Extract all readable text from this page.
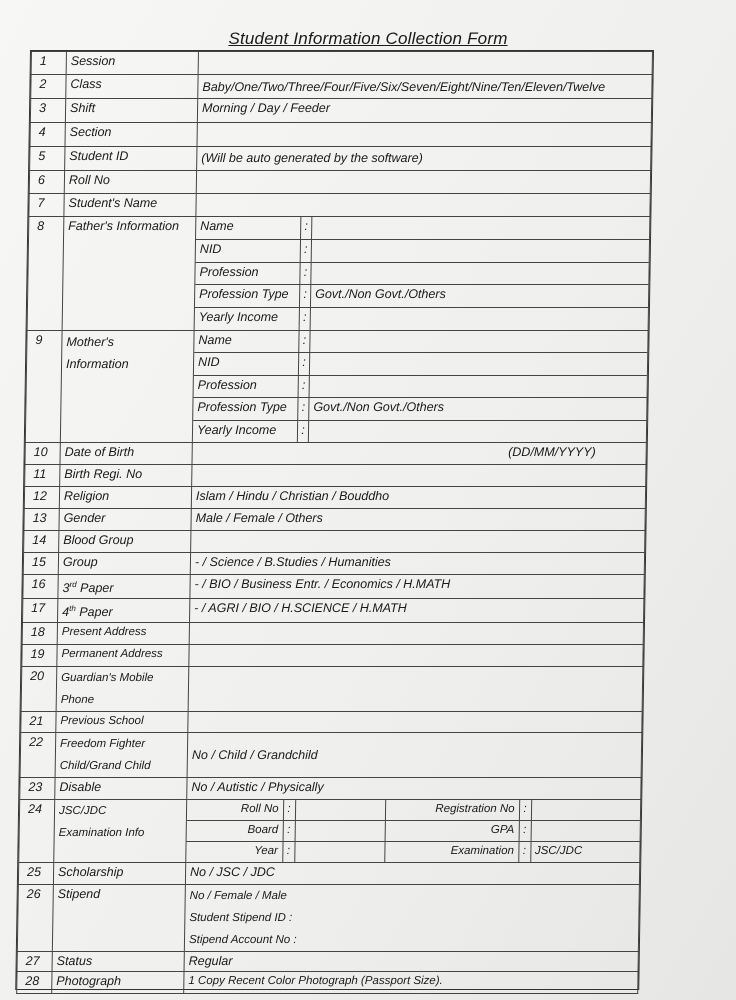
Student Information Collection Form
1	Session	
2	Class	Baby/One/Two/Three/Four/Five/Six/Seven/Eight/Nine/Ten/Eleven/Twelve
3	Shift	Morning / Day / Feeder
4	Section	
5	Student ID	(Will be auto generated by the software)
6	Roll No	
7	Student's Name	
8	Father's Information	Name	:	
NID	:	
Profession	:	
Profession Type	:	Govt./Non Govt./Others
Yearly Income	:	

9	Mother's
Information	
Name	:	
NID	:	
Profession	:	
Profession Type	:	Govt./Non Govt./Others
Yearly Income	:	

10	Date of Birth	(DD/MM/YYYY)
11	Birth Regi. No	
12	Religion	Islam / Hindu / Christian / Bouddho
13	Gender	Male / Female / Others
14	Blood Group	
15	Group	- / Science / B.Studies / Humanities
16	3rd Paper	- / BIO / Business Entr. / Economics / H.MATH
17	4th Paper	- / AGRI / BIO / H.SCIENCE / H.MATH
18	Present Address	
19	Permanent Address	
20	Guardian's Mobile
Phone	
21	Previous School	
22	Freedom Fighter
Child/Grand Child	No / Child / Grandchild
23	Disable	No / Autistic / Physically
24	JSC/JDC
Examination Info	
Roll No	:		Registration No	:	
Board	:		GPA	:	
Year	:		Examination	:	JSC/JDC

25	Scholarship	No / JSC / JDC
26	Stipend	No / Female / Male
Student Stipend ID :
Stipend Account No :
27	Status	Regular
28	Photograph	1 Copy Recent Color Photograph (Passport Size).
